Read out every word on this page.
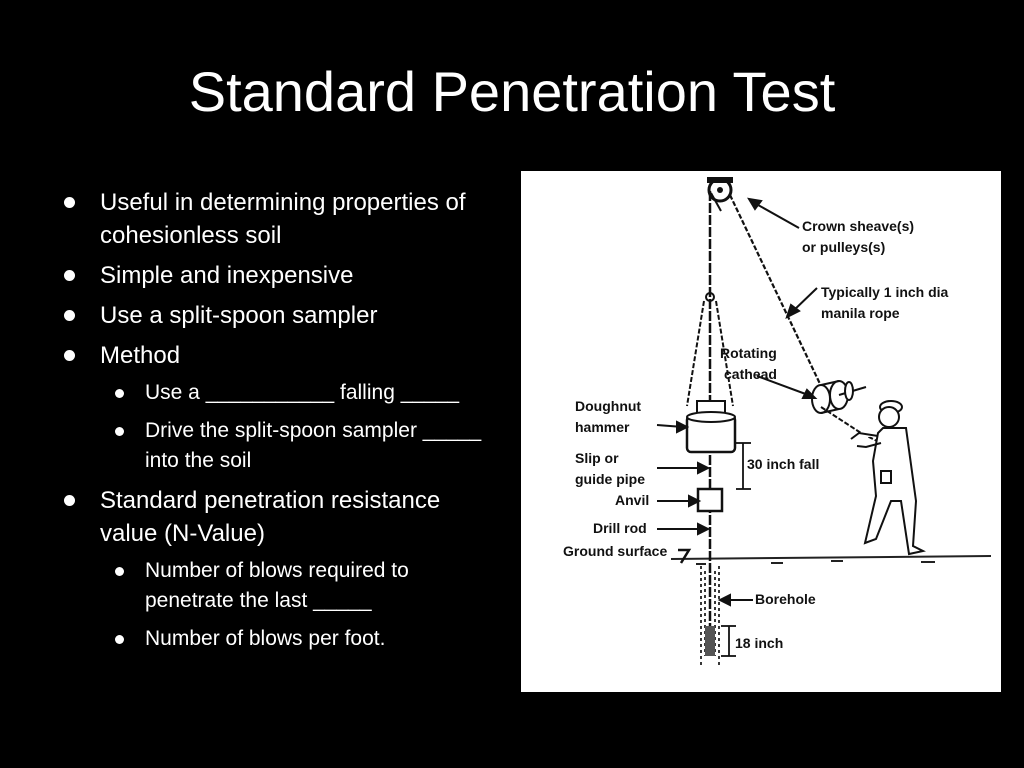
Standard Penetration Test
Useful in determining properties of cohesionless soil
Simple and inexpensive
Use a split-spoon sampler
Method
Use a ___________ falling _____
Drive the split-spoon sampler _____ into the soil
Standard penetration resistance value (N-Value)
Number of blows required to penetrate the last _____
Number of blows per foot.
Crown sheave(s)
or pulleys(s)
Typically 1 inch dia
manila rope
Rotating
cathead
Doughnut
hammer
Slip or
guide pipe
Anvil
Drill rod
Ground surface
30 inch fall
Borehole
18 inch
